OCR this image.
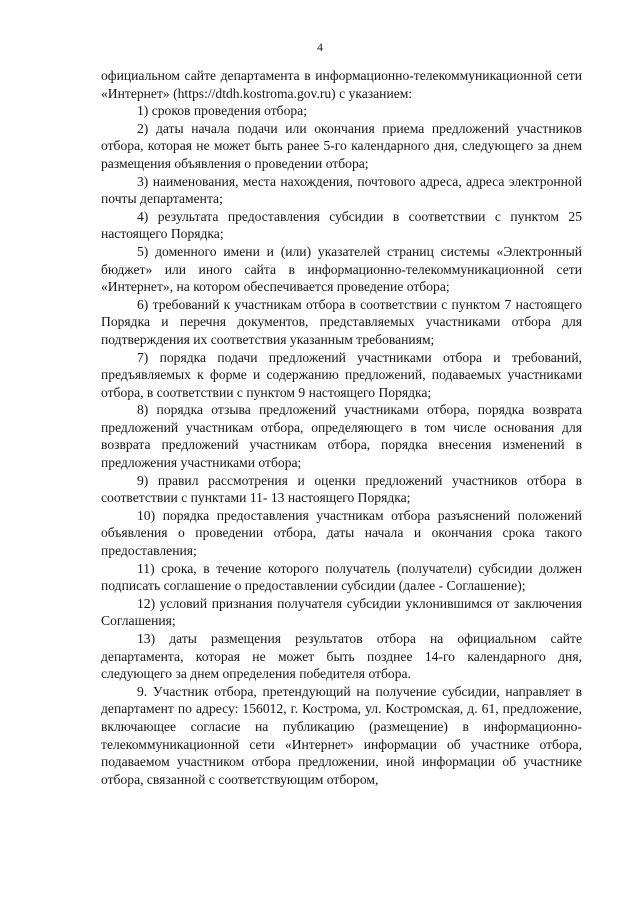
4

официальном сайте департамента в информационно-телекоммуникационной сети «Интернет» (https://dtdh.kostroma.gov.ru) с указанием:

1) сроков проведения отбора;

2) даты начала подачи или окончания приема предложений участников отбора, которая не может быть ранее 5-го календарного дня, следующего за днем размещения объявления о проведении отбора;

3) наименования, места нахождения, почтового адреса, адреса электронной почты департамента;

4) результата предоставления субсидии в соответствии с пунктом 25 настоящего Порядка;

5) доменного имени и (или) указателей страниц системы «Электронный бюджет» или иного сайта в информационно-телекоммуникационной сети «Интернет», на котором обеспечивается проведение отбора;

6) требований к участникам отбора в соответствии с пунктом 7 настоящего Порядка и перечня документов, представляемых участниками отбора для подтверждения их соответствия указанным требованиям;

7) порядка подачи предложений участниками отбора и требований, предъявляемых к форме и содержанию предложений, подаваемых участниками отбора, в соответствии с пунктом 9 настоящего Порядка;

8) порядка отзыва предложений участниками отбора, порядка возврата предложений участникам отбора, определяющего в том числе основания для возврата предложений участникам отбора, порядка внесения изменений в предложения участниками отбора;

9) правил рассмотрения и оценки предложений участников отбора в соответствии с пунктами 11- 13 настоящего Порядка;

10) порядка предоставления участникам отбора разъяснений положений объявления о проведении отбора, даты начала и окончания срока такого предоставления;

11) срока, в течение которого получатель (получатели) субсидии должен подписать соглашение о предоставлении субсидии (далее - Соглашение);

12) условий признания получателя субсидии уклонившимся от заключения Соглашения;

13) даты размещения результатов отбора на официальном сайте департамента, которая не может быть позднее 14-го календарного дня, следующего за днем определения победителя отбора.

9. Участник отбора, претендующий на получение субсидии, направляет в департамент по адресу: 156012, г. Кострома, ул. Костромская, д. 61, предложение, включающее согласие на публикацию (размещение) в информационно-телекоммуникационной сети «Интернет» информации об участнике отбора, подаваемом участником отбора предложении, иной информации об участнике отбора, связанной с соответствующим отбором,
